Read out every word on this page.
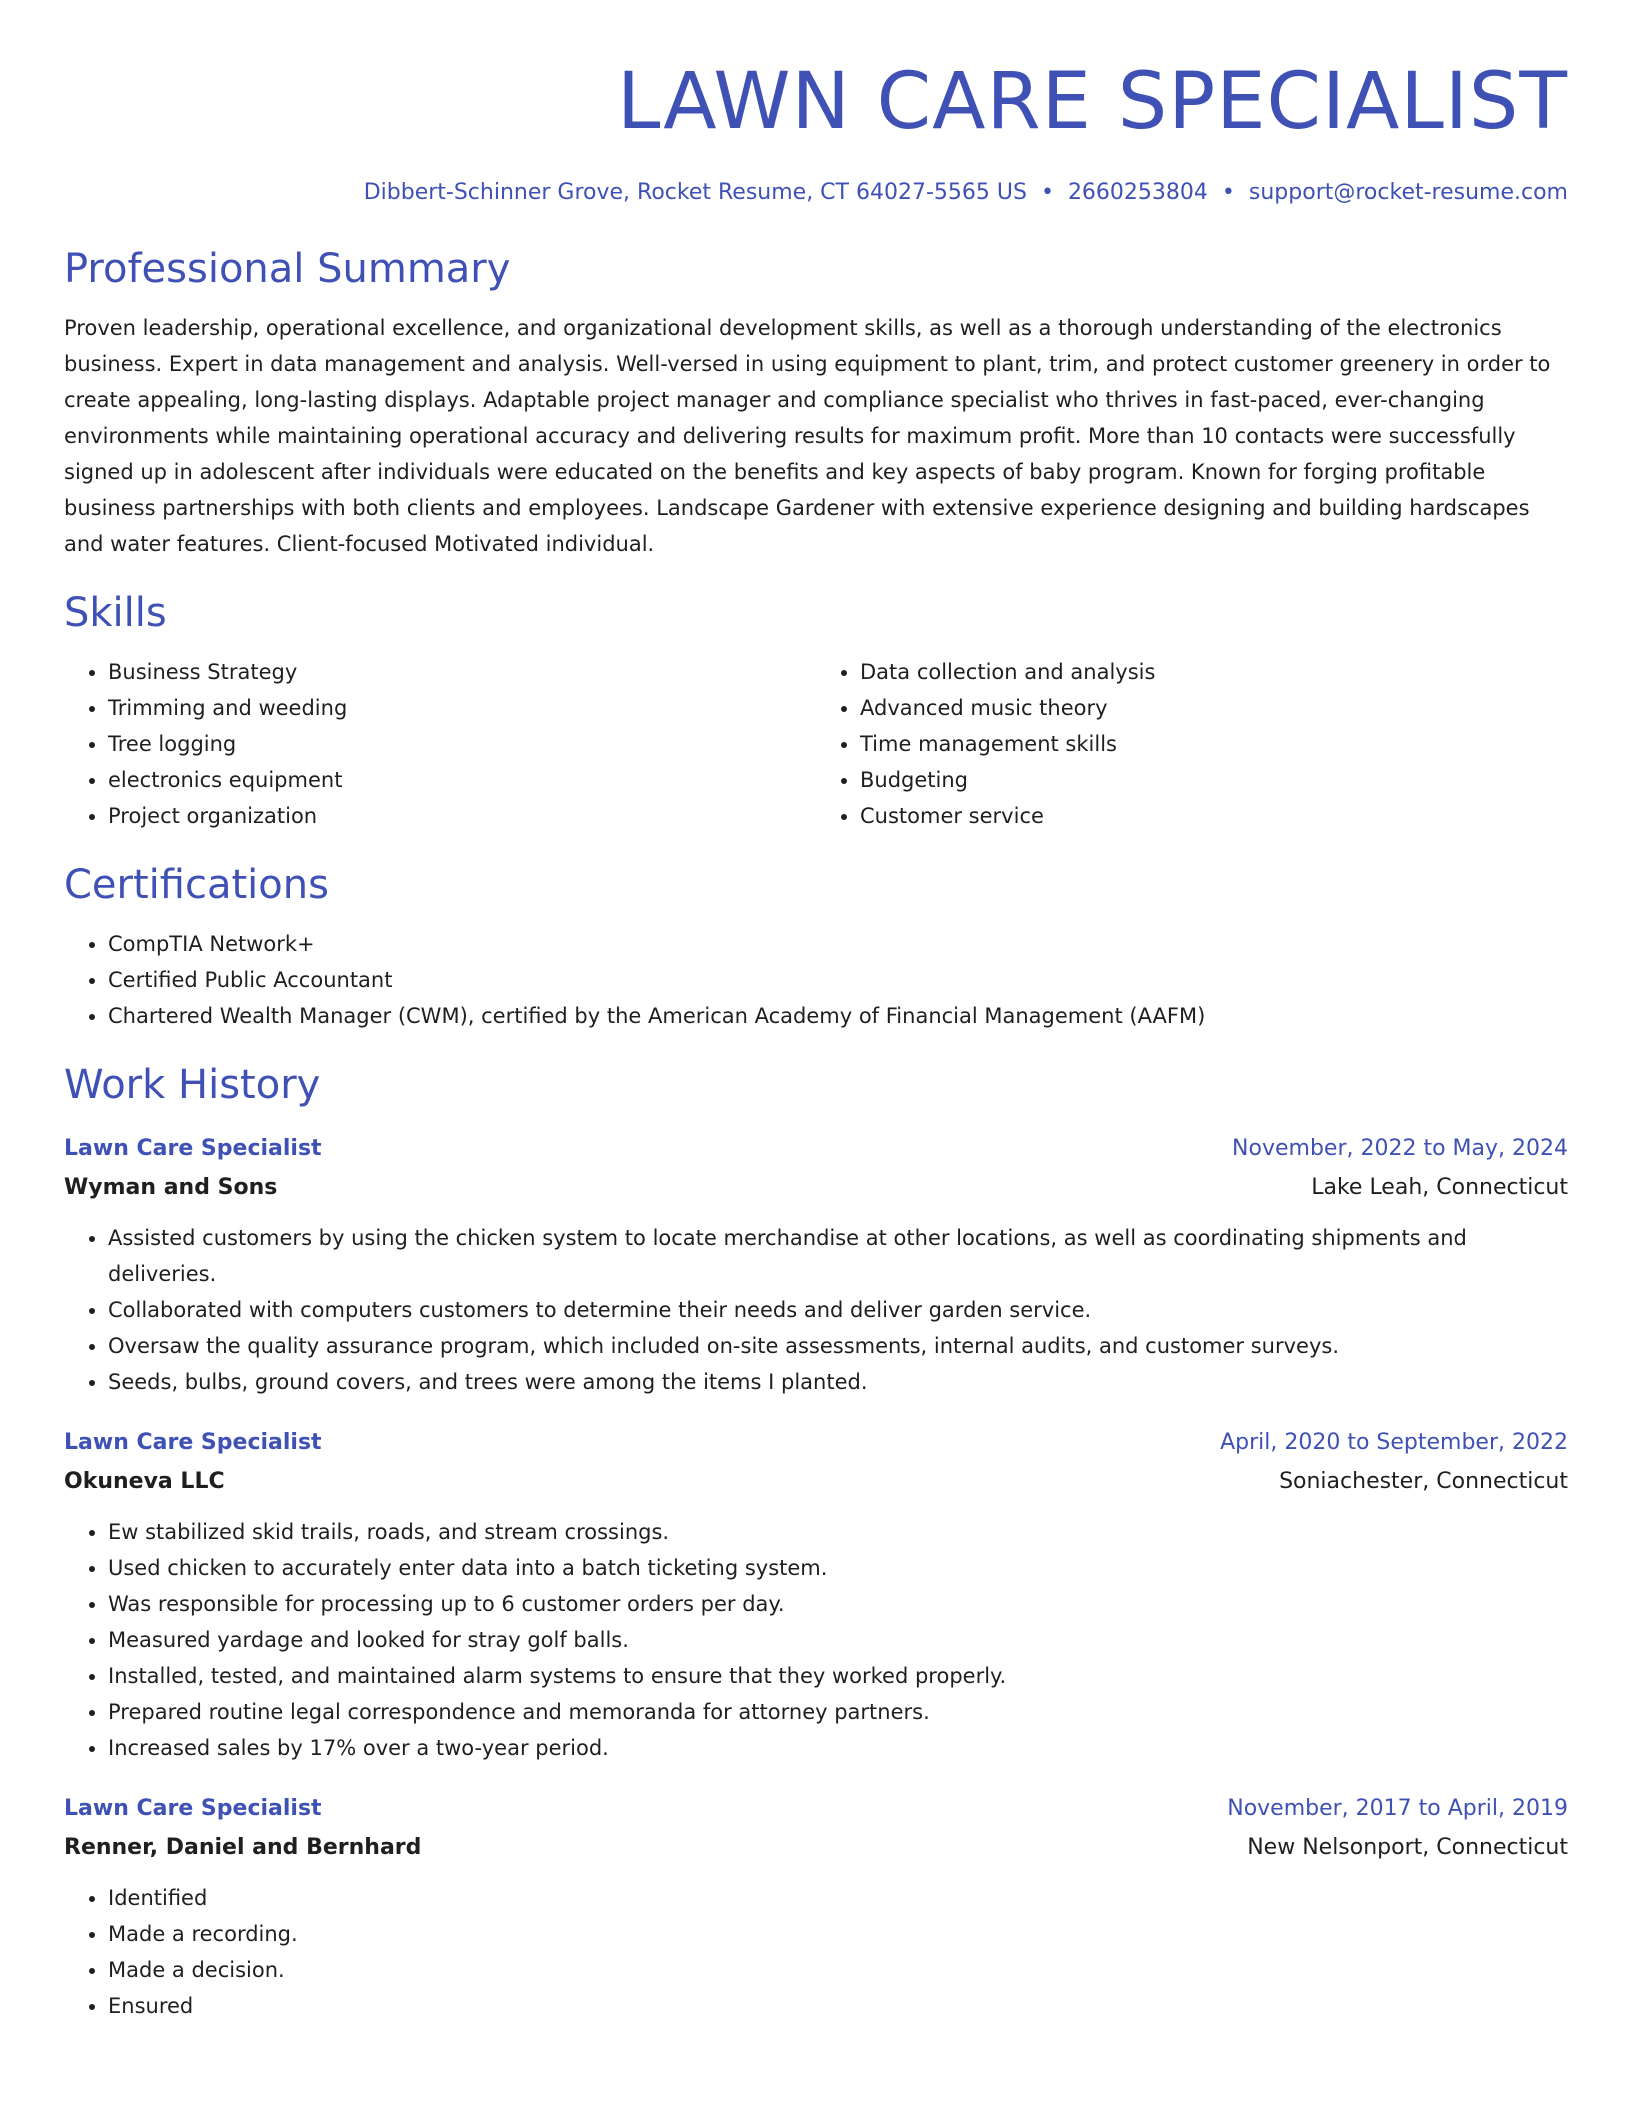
LAWN CARE SPECIALIST
Dibbert-Schinner Grove, Rocket Resume, CT 64027-5565 US • 2660253804 • support@rocket-resume.com
Professional Summary
Proven leadership, operational excellence, and organizational development skills, as well as a thorough understanding of the electronics business. Expert in data management and analysis. Well-versed in using equipment to plant, trim, and protect customer greenery in order to create appealing, long-lasting displays. Adaptable project manager and compliance specialist who thrives in fast-paced, ever-changing environments while maintaining operational accuracy and delivering results for maximum profit. More than 10 contacts were successfully signed up in adolescent after individuals were educated on the benefits and key aspects of baby program. Known for forging profitable business partnerships with both clients and employees. Landscape Gardener with extensive experience designing and building hardscapes and water features. Client-focused Motivated individual.
Skills
• Business Strategy
• Trimming and weeding
• Tree logging
• electronics equipment
• Project organization
• Data collection and analysis
• Advanced music theory
• Time management skills
• Budgeting
• Customer service
Certifications
• CompTIA Network+
• Certified Public Accountant
• Chartered Wealth Manager (CWM), certified by the American Academy of Financial Management (AAFM)
Work History
Lawn Care Specialist	November, 2022 to May, 2024
Wyman and Sons	Lake Leah, Connecticut
• Assisted customers by using the chicken system to locate merchandise at other locations, as well as coordinating shipments and deliveries.
• Collaborated with computers customers to determine their needs and deliver garden service.
• Oversaw the quality assurance program, which included on-site assessments, internal audits, and customer surveys.
• Seeds, bulbs, ground covers, and trees were among the items I planted.
Lawn Care Specialist	April, 2020 to September, 2022
Okuneva LLC	Soniachester, Connecticut
• Ew stabilized skid trails, roads, and stream crossings.
• Used chicken to accurately enter data into a batch ticketing system.
• Was responsible for processing up to 6 customer orders per day.
• Measured yardage and looked for stray golf balls.
• Installed, tested, and maintained alarm systems to ensure that they worked properly.
• Prepared routine legal correspondence and memoranda for attorney partners.
• Increased sales by 17% over a two-year period.
Lawn Care Specialist	November, 2017 to April, 2019
Renner, Daniel and Bernhard	New Nelsonport, Connecticut
• Identified
• Made a recording.
• Made a decision.
• Ensured
